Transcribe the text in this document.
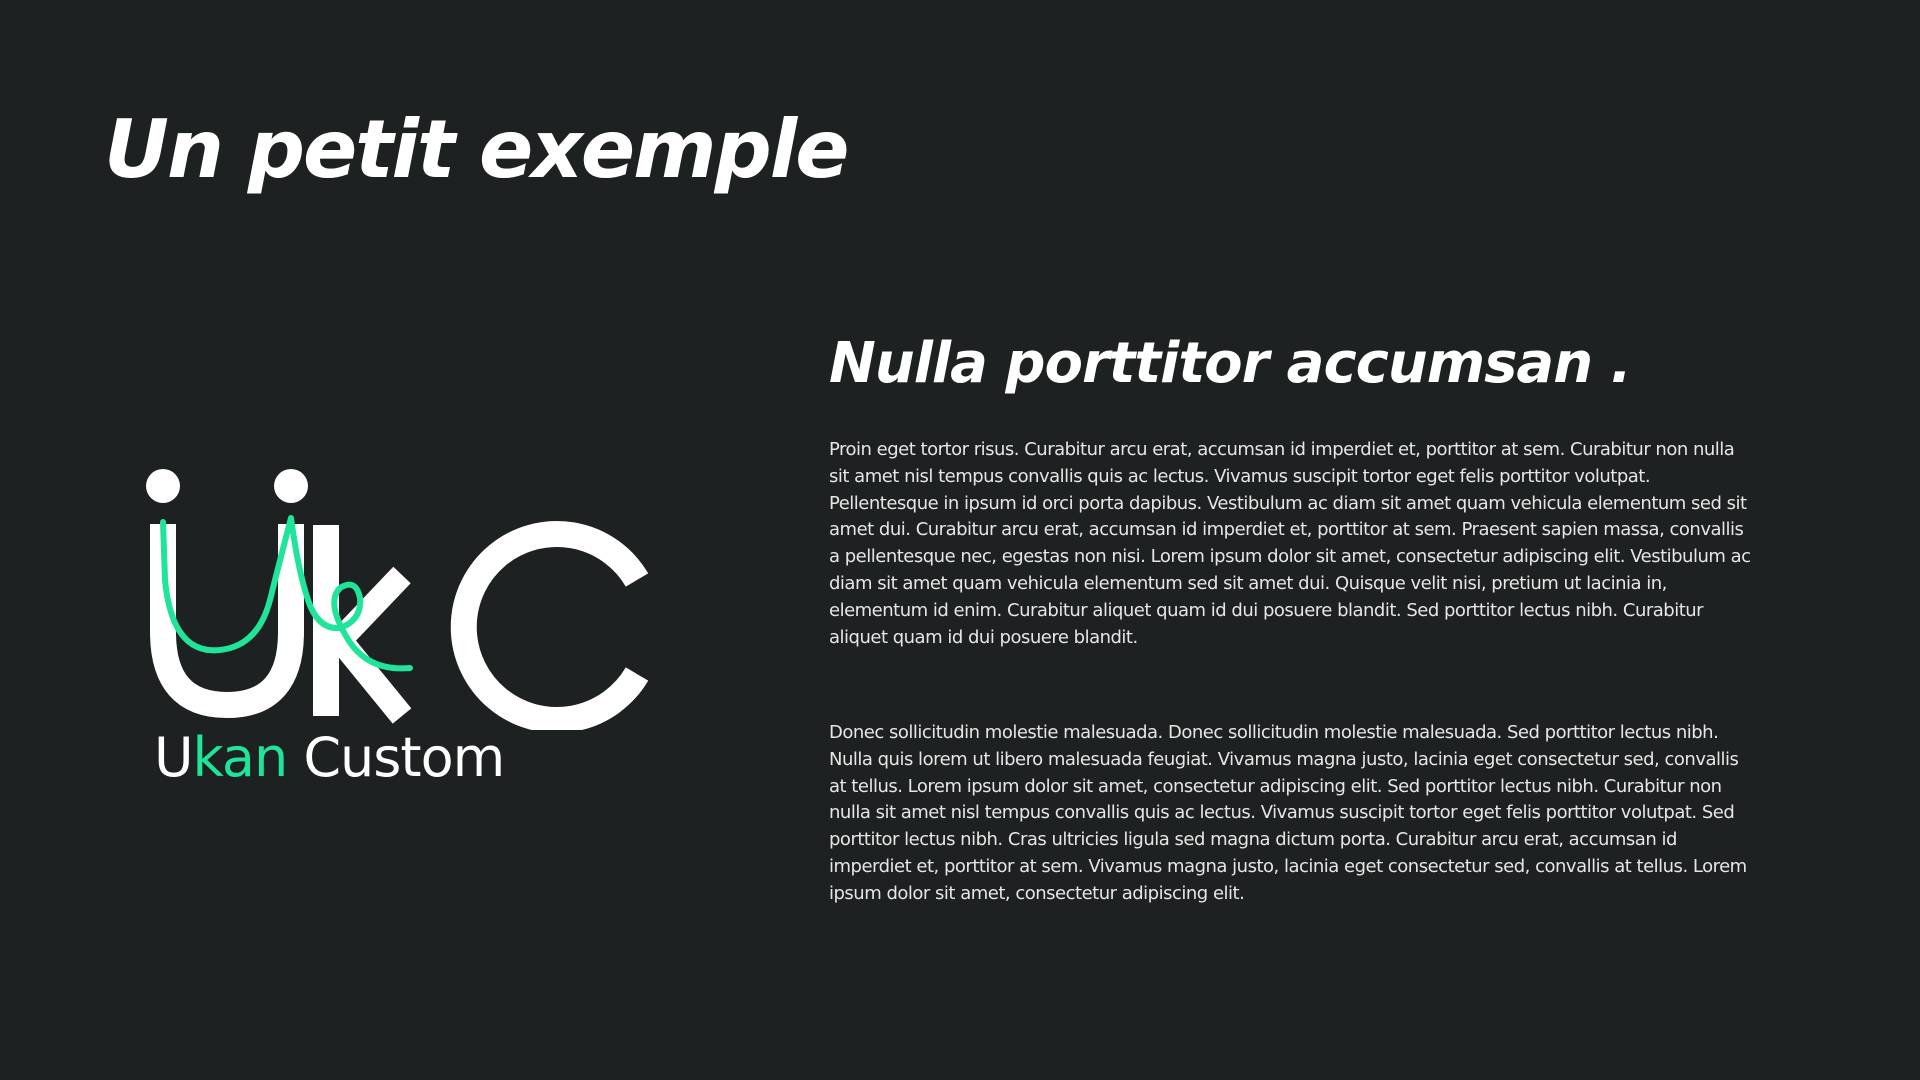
Un petit exemple
Ukan Custom
Nulla porttitor accumsan .

Proin eget tortor risus. Curabitur arcu erat, accumsan id imperdiet et, porttitor at sem. Curabitur non nulla sit amet nisl tempus convallis quis ac lectus. Vivamus suscipit tortor eget felis porttitor volutpat. Pellentesque in ipsum id orci porta dapibus. Vestibulum ac diam sit amet quam vehicula elementum sed sit amet dui. Curabitur arcu erat, accumsan id imperdiet et, porttitor at sem. Praesent sapien massa, convallis a pellentesque nec, egestas non nisi. Lorem ipsum dolor sit amet, consectetur adipiscing elit. Vestibulum ac diam sit amet quam vehicula elementum sed sit amet dui. Quisque velit nisi, pretium ut lacinia in, elementum id enim. Curabitur aliquet quam id dui posuere blandit. Sed porttitor lectus nibh. Curabitur aliquet quam id dui posuere blandit.

Donec sollicitudin molestie malesuada. Donec sollicitudin molestie malesuada. Sed porttitor lectus nibh. Nulla quis lorem ut libero malesuada feugiat. Vivamus magna justo, lacinia eget consectetur sed, convallis at tellus. Lorem ipsum dolor sit amet, consectetur adipiscing elit. Sed porttitor lectus nibh. Curabitur non nulla sit amet nisl tempus convallis quis ac lectus. Vivamus suscipit tortor eget felis porttitor volutpat. Sed porttitor lectus nibh. Cras ultricies ligula sed magna dictum porta. Curabitur arcu erat, accumsan id imperdiet et, porttitor at sem. Vivamus magna justo, lacinia eget consectetur sed, convallis at tellus. Lorem ipsum dolor sit amet, consectetur adipiscing elit.
